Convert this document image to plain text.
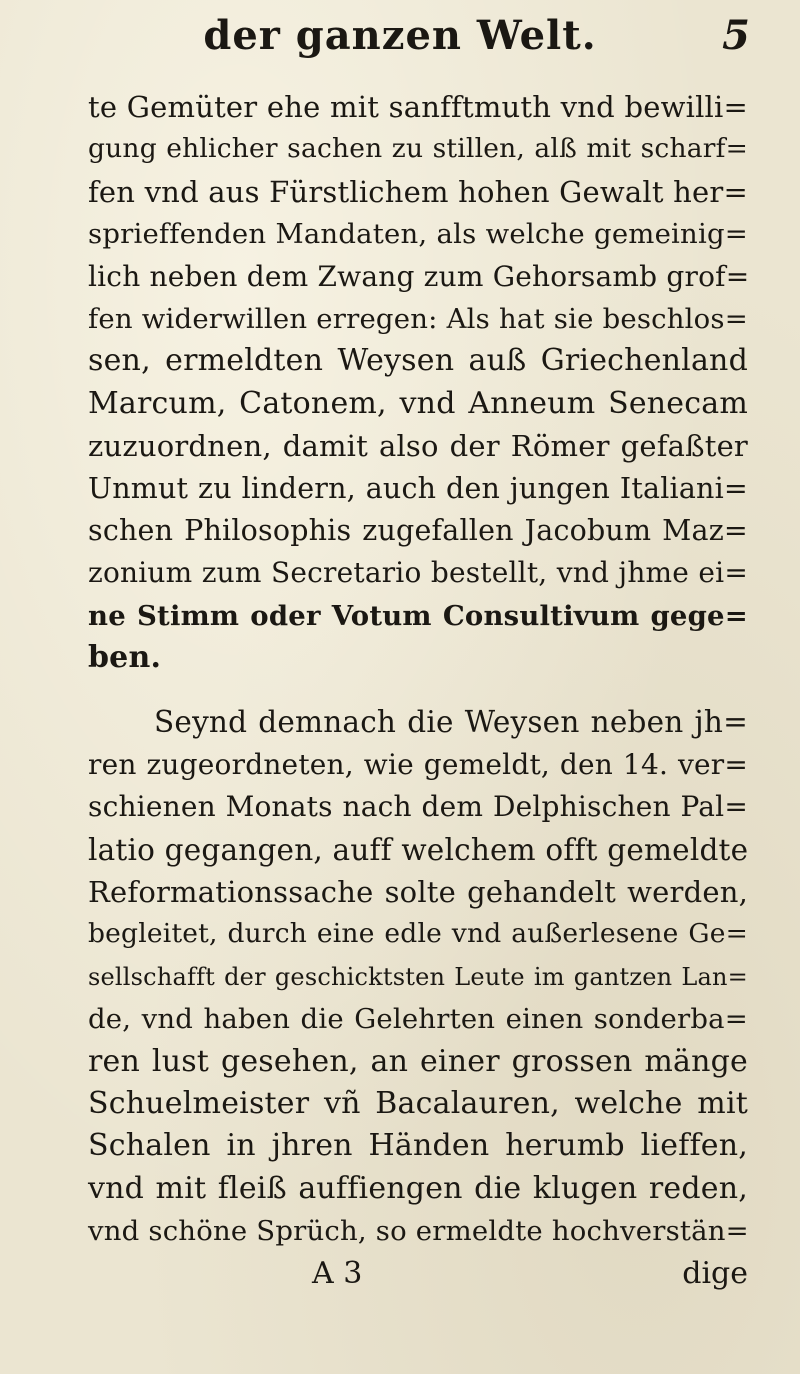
der ganzen Welt.	5
te Gemüter ehe mit sanfftmuth vnd bewilli=
gung ehlicher sachen zu stillen, alß mit scharf=
fen vnd aus Fürstlichem hohen Gewalt her=
sprieffenden Mandaten, als welche gemeinig=
lich neben dem Zwang zum Gehorsamb grof=
fen widerwillen erregen: Als hat sie beschlos=
sen, ermeldten Weysen auß Griechenland
Marcum, Catonem, vnd Anneum Senecam
zuzuordnen, damit also der Römer gefaßter
Unmut zu lindern, auch den jungen Italiani=
schen Philosophis zugefallen Jacobum Maz=
zonium zum Secretario bestellt, vnd jhme ei=
ne Stimm oder Votum Consultivum gege=
ben.
Seynd demnach die Weysen neben jh=
ren zugeordneten, wie gemeldt, den 14. ver=
schienen Monats nach dem Delphischen Pal=
latio gegangen, auff welchem offt gemeldte
Reformationssache solte gehandelt werden,
begleitet, durch eine edle vnd außerlesene Ge=
sellschafft der geschicktsten Leute im gantzen Lan=
de, vnd haben die Gelehrten einen sonderba=
ren lust gesehen, an einer grossen mänge
Schuelmeister vñ Bacalauren, welche mit
Schalen in jhren Händen herumb lieffen,
vnd mit fleiß auffiengen die klugen reden,
vnd schöne Sprüch, so ermeldte hochverstän=
A 3	dige
